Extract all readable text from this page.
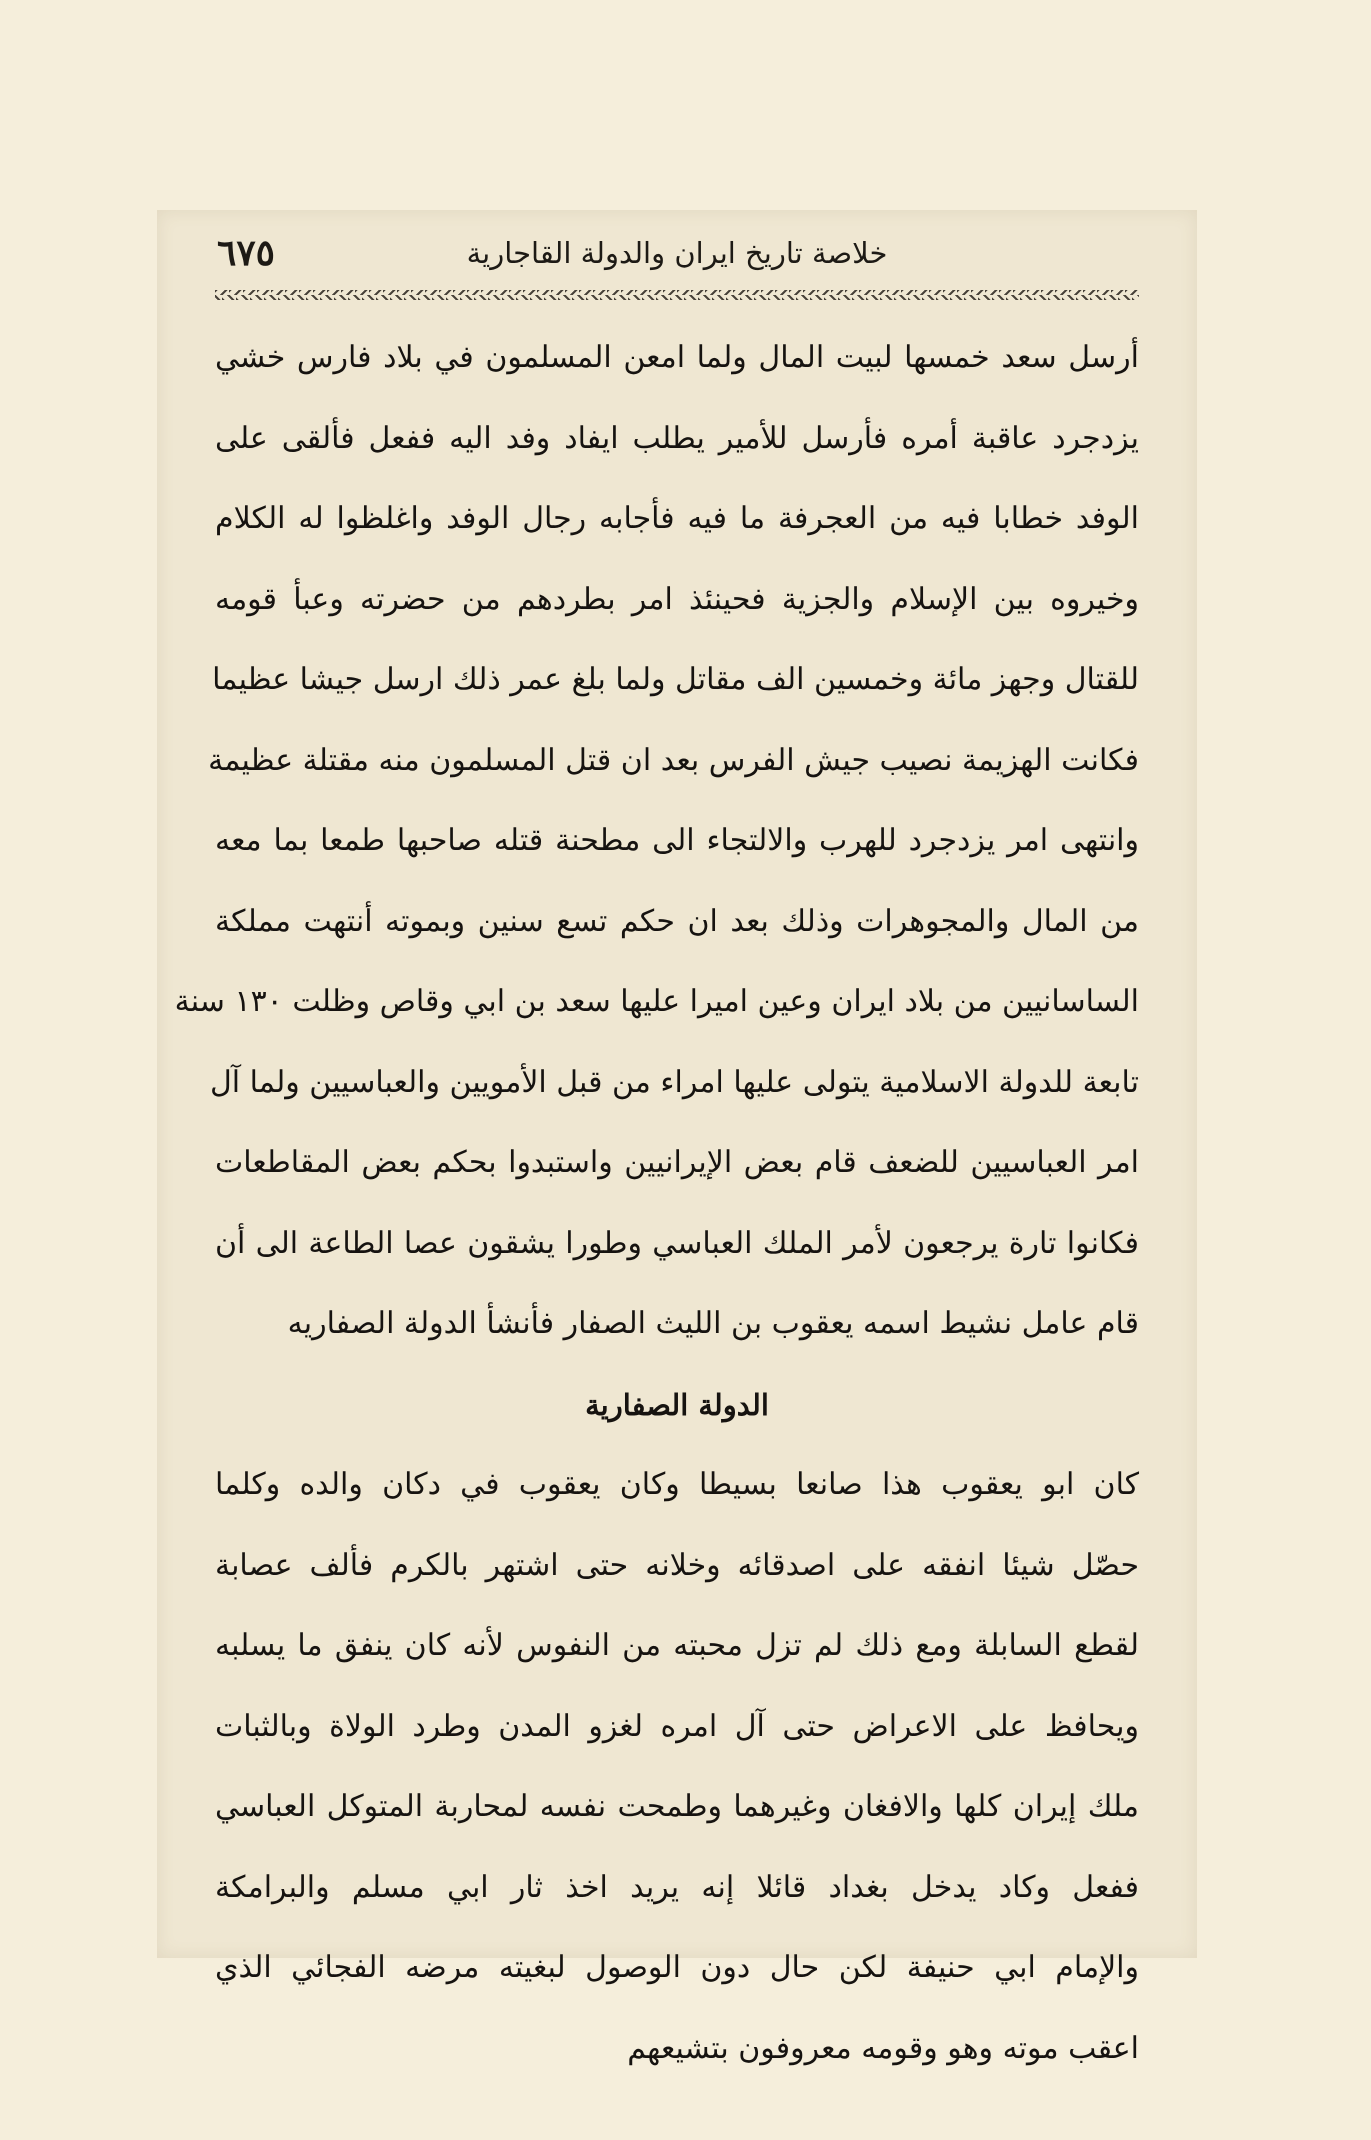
٦٧٥	خلاصة تاريخ ايران والدولة القاجارية
أرسل سعد خمسها لبيت المال ولما امعن المسلمون في بلاد فارس خشي
يزدجرد عاقبة أمره فأرسل للأمير يطلب ايفاد وفد اليه ففعل فألقى على
الوفد خطابا فيه من العجرفة ما فيه فأجابه رجال الوفد واغلظوا له الكلام
وخيروه بين الإسلام والجزية فحينئذ امر بطردهم من حضرته وعبأ قومه
للقتال وجهز مائة وخمسين الف مقاتل ولما بلغ عمر ذلك ارسل جيشا عظيما
فكانت الهزيمة نصيب جيش الفرس بعد ان قتل المسلمون منه مقتلة عظيمة
وانتهى امر يزدجرد للهرب والالتجاء الى مطحنة قتله صاحبها طمعا بما معه
من المال والمجوهرات وذلك بعد ان حكم تسع سنين وبموته أنتهت مملكة
الساسانيين من بلاد ايران وعين اميرا عليها سعد بن ابي وقاص وظلت ١٣٠ سنة
تابعة للدولة الاسلامية يتولى عليها امراء من قبل الأمويين والعباسيين ولما آل
امر العباسيين للضعف قام بعض الإيرانيين واستبدوا بحكم بعض المقاطعات
فكانوا تارة يرجعون لأمر الملك العباسي وطورا يشقون عصا الطاعة الى أن
قام عامل نشيط اسمه يعقوب بن الليث الصفار فأنشأ الدولة الصفاريه
الدولة الصفارية
كان ابو يعقوب هذا صانعا بسيطا وكان يعقوب في دكان والده وكلما
حصّل شيئا انفقه على اصدقائه وخلانه حتى اشتهر بالكرم فألف عصابة
لقطع السابلة ومع ذلك لم تزل محبته من النفوس لأنه كان ينفق ما يسلبه
ويحافظ على الاعراض حتى آل امره لغزو المدن وطرد الولاة وبالثبات
ملك إيران كلها والافغان وغيرهما وطمحت نفسه لمحاربة المتوكل العباسي
ففعل وكاد يدخل بغداد قائلا إنه يريد اخذ ثار ابي مسلم والبرامكة
والإمام ابي حنيفة لكن حال دون الوصول لبغيته مرضه الفجائي الذي
اعقب موته وهو وقومه معروفون بتشيعهم
